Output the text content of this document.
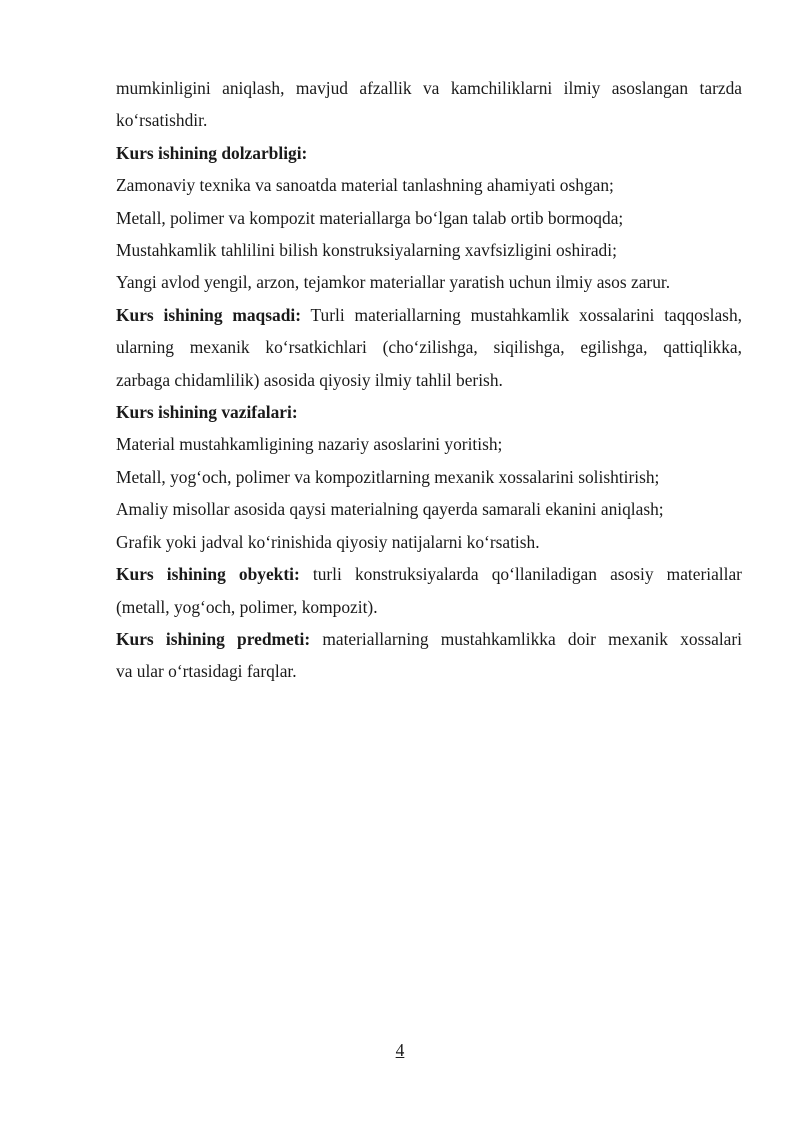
mumkinligini aniqlash, mavjud afzallik va kamchiliklarni ilmiy asoslangan tarzda
ko‘rsatishdir.
Kurs ishining dolzarbligi:
Zamonaviy texnika va sanoatda material tanlashning ahamiyati oshgan;
Metall, polimer va kompozit materiallarga bo‘lgan talab ortib bormoqda;
Mustahkamlik tahlilini bilish konstruksiyalarning xavfsizligini oshiradi;
Yangi avlod yengil, arzon, tejamkor materiallar yaratish uchun ilmiy asos zarur.
Kurs ishining maqsadi: Turli materiallarning mustahkamlik xossalarini taqqoslash,
ularning mexanik ko‘rsatkichlari (cho‘zilishga, siqilishga, egilishga, qattiqlikka,
zarbaga chidamlilik) asosida qiyosiy ilmiy tahlil berish.
Kurs ishining vazifalari:
Material mustahkamligining nazariy asoslarini yoritish;
Metall, yog‘och, polimer va kompozitlarning mexanik xossalarini solishtirish;
Amaliy misollar asosida qaysi materialning qayerda samarali ekanini aniqlash;
Grafik yoki jadval ko‘rinishida qiyosiy natijalarni ko‘rsatish.
Kurs ishining obyekti: turli konstruksiyalarda qo‘llaniladigan asosiy materiallar
(metall, yog‘och, polimer, kompozit).
Kurs ishining predmeti: materiallarning mustahkamlikka doir mexanik xossalari
va ular o‘rtasidagi farqlar.
4
